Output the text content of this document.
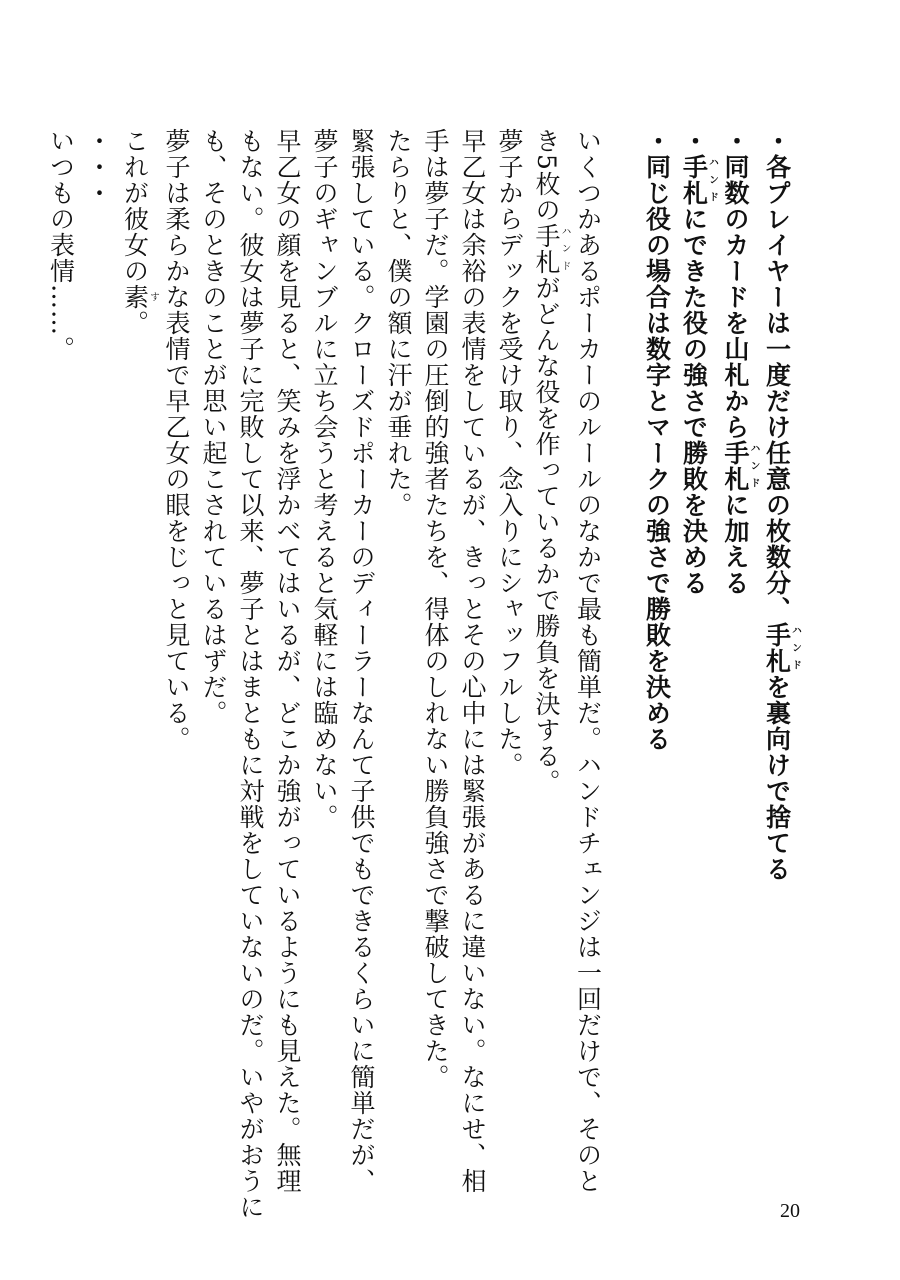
・各プレイヤーは一度だけ任意の枚数分、手札ハンドを裏向けで捨てる
・同数のカードを山札から手札ハンドに加える
・手札ハンドにできた役の強さで勝敗を決める
・同じ役の場合は数字とマークの強さで勝敗を決める
いくつかあるポーカーのルールのなかで最も簡単だ。ハンドチェンジは一回だけで、そのと
き5枚の手札ハンドがどんな役を作っているかで勝負を決する。
夢子からデックを受け取り、念入りにシャッフルした。
早乙女は余裕の表情をしているが、きっとその心中には緊張があるに違いない。なにせ、相
手は夢子だ。学園の圧倒的強者たちを、得体のしれない勝負強さで撃破してきた。
たらりと、僕の額に汗が垂れた。
緊張している。クローズドポーカーのディーラーなんて子供でもできるくらいに簡単だが、
夢子のギャンブルに立ち会うと考えると気軽には臨めない。
早乙女の顔を見ると、笑みを浮かべてはいるが、どこか強がっているようにも見えた。無理
もない。彼女は夢子に完敗して以来、夢子とはまともに対戦をしていないのだ。いやがおうに
も、そのときのことが思い起こされているはずだ。
夢子は柔らかな表情で早乙女の眼をじっと見ている。
これが彼女の素す。
・・・
いつもの表情……。
20
